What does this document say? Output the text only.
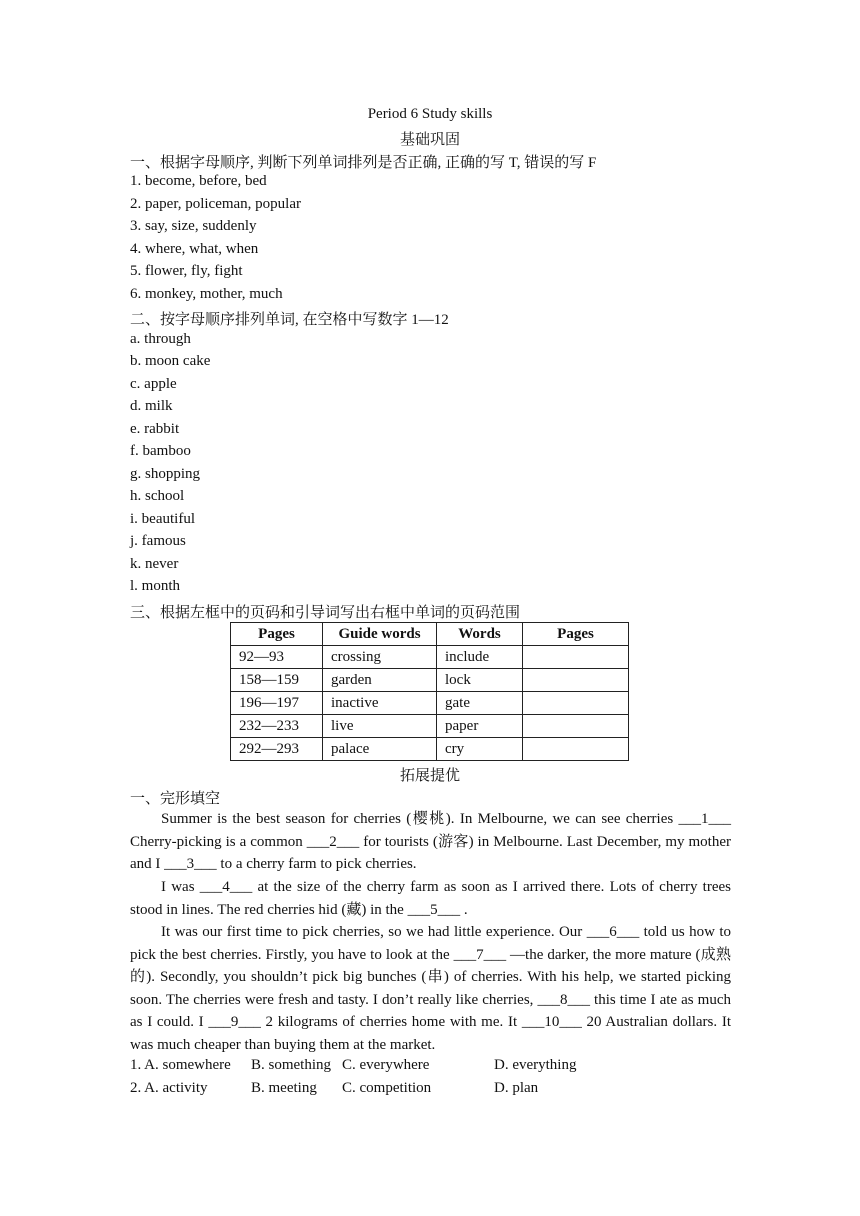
Period 6 Study skills
基础巩固
一、根据字母顺序, 判断下列单词排列是否正确, 正确的写 T, 错误的写 F
1. become, before, bed
2. paper, policeman, popular
3. say, size, suddenly
4. where, what, when
5. flower, fly, fight
6. monkey, mother, much
二、按字母顺序排列单词, 在空格中写数字 1—12
a. through
b. moon cake
c. apple
d. milk
e. rabbit
f. bamboo
g. shopping
h. school
i. beautiful
j. famous
k. never
l. month
三、根据左框中的页码和引导词写出右框中单词的页码范围
Pages	Guide words	Words	Pages
92—93	crossing	include	
158—159	garden	lock	
196—197	inactive	gate	
232—233	live	paper	
292—293	palace	cry	
拓展提优
一、完形填空
Summer is the best season for cherries (樱桃). In Melbourne, we can see cherries ___1___ Cherry-picking is a common ___2___ for tourists (游客) in Melbourne. Last December, my mother and I ___3___ to a cherry farm to pick cherries.
I was ___4___ at the size of the cherry farm as soon as I arrived there. Lots of cherry trees stood in lines. The red cherries hid (藏) in the ___5___ .
It was our first time to pick cherries, so we had little experience. Our ___6___ told us how to pick the best cherries. Firstly, you have to look at the ___7___ —the darker, the more mature (成熟的). Secondly, you shouldn’t pick big bunches (串) of cherries. With his help, we started picking soon. The cherries were fresh and tasty. I don’t really like cherries, ___8___ this time I ate as much as I could. I ___9___ 2 kilograms of cherries home with me. It ___10___ 20 Australian dollars. It was much cheaper than buying them at the market.
1. A. somewhere B. something C. everywhere	D. everything
2. A. activity	B. meeting C. competition	D. plan
